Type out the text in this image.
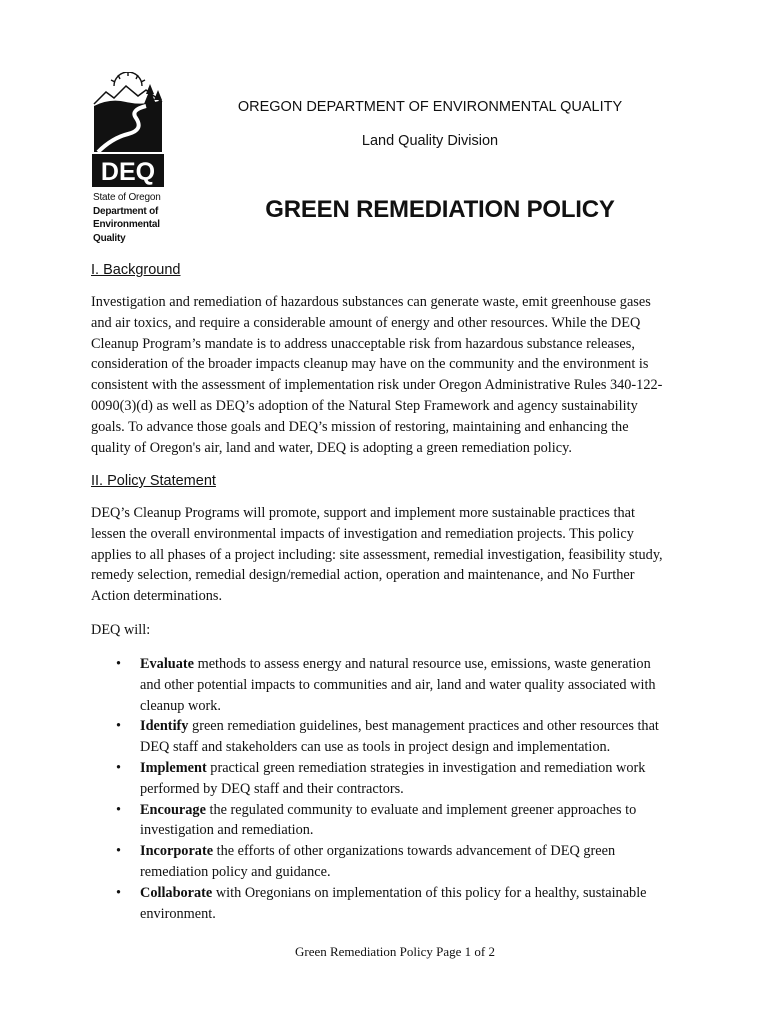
DEQ
State of Oregon
Department of
Environmental
Quality
OREGON DEPARTMENT OF ENVIRONMENTAL QUALITY
Land Quality Division
GREEN REMEDIATION POLICY
I. Background
Investigation and remediation of hazardous substances can generate waste, emit greenhouse gases
and air toxics, and require a considerable amount of energy and other resources. While the DEQ
Cleanup Program’s mandate is to address unacceptable risk from hazardous substance releases,
consideration of the broader impacts cleanup may have on the community and the environment is
consistent with the assessment of implementation risk under Oregon Administrative Rules 340-122-
0090(3)(d) as well as DEQ’s adoption of the Natural Step Framework and agency sustainability
goals. To advance those goals and DEQ’s mission of restoring, maintaining and enhancing the
quality of Oregon's air, land and water, DEQ is adopting a green remediation policy.
II. Policy Statement
DEQ’s Cleanup Programs will promote, support and implement more sustainable practices that
lessen the overall environmental impacts of investigation and remediation projects. This policy
applies to all phases of a project including: site assessment, remedial investigation, feasibility study,
remedy selection, remedial design/remedial action, operation and maintenance, and No Further
Action determinations.
DEQ will:
• Evaluate methods to assess energy and natural resource use, emissions, waste generation
and other potential impacts to communities and air, land and water quality associated with
cleanup work.
• Identify green remediation guidelines, best management practices and other resources that
DEQ staff and stakeholders can use as tools in project design and implementation.
• Implement practical green remediation strategies in investigation and remediation work
performed by DEQ staff and their contractors.
• Encourage the regulated community to evaluate and implement greener approaches to
investigation and remediation.
• Incorporate the efforts of other organizations towards advancement of DEQ green
remediation policy and guidance.
• Collaborate with Oregonians on implementation of this policy for a healthy, sustainable
environment.
Green Remediation Policy Page 1 of 2
